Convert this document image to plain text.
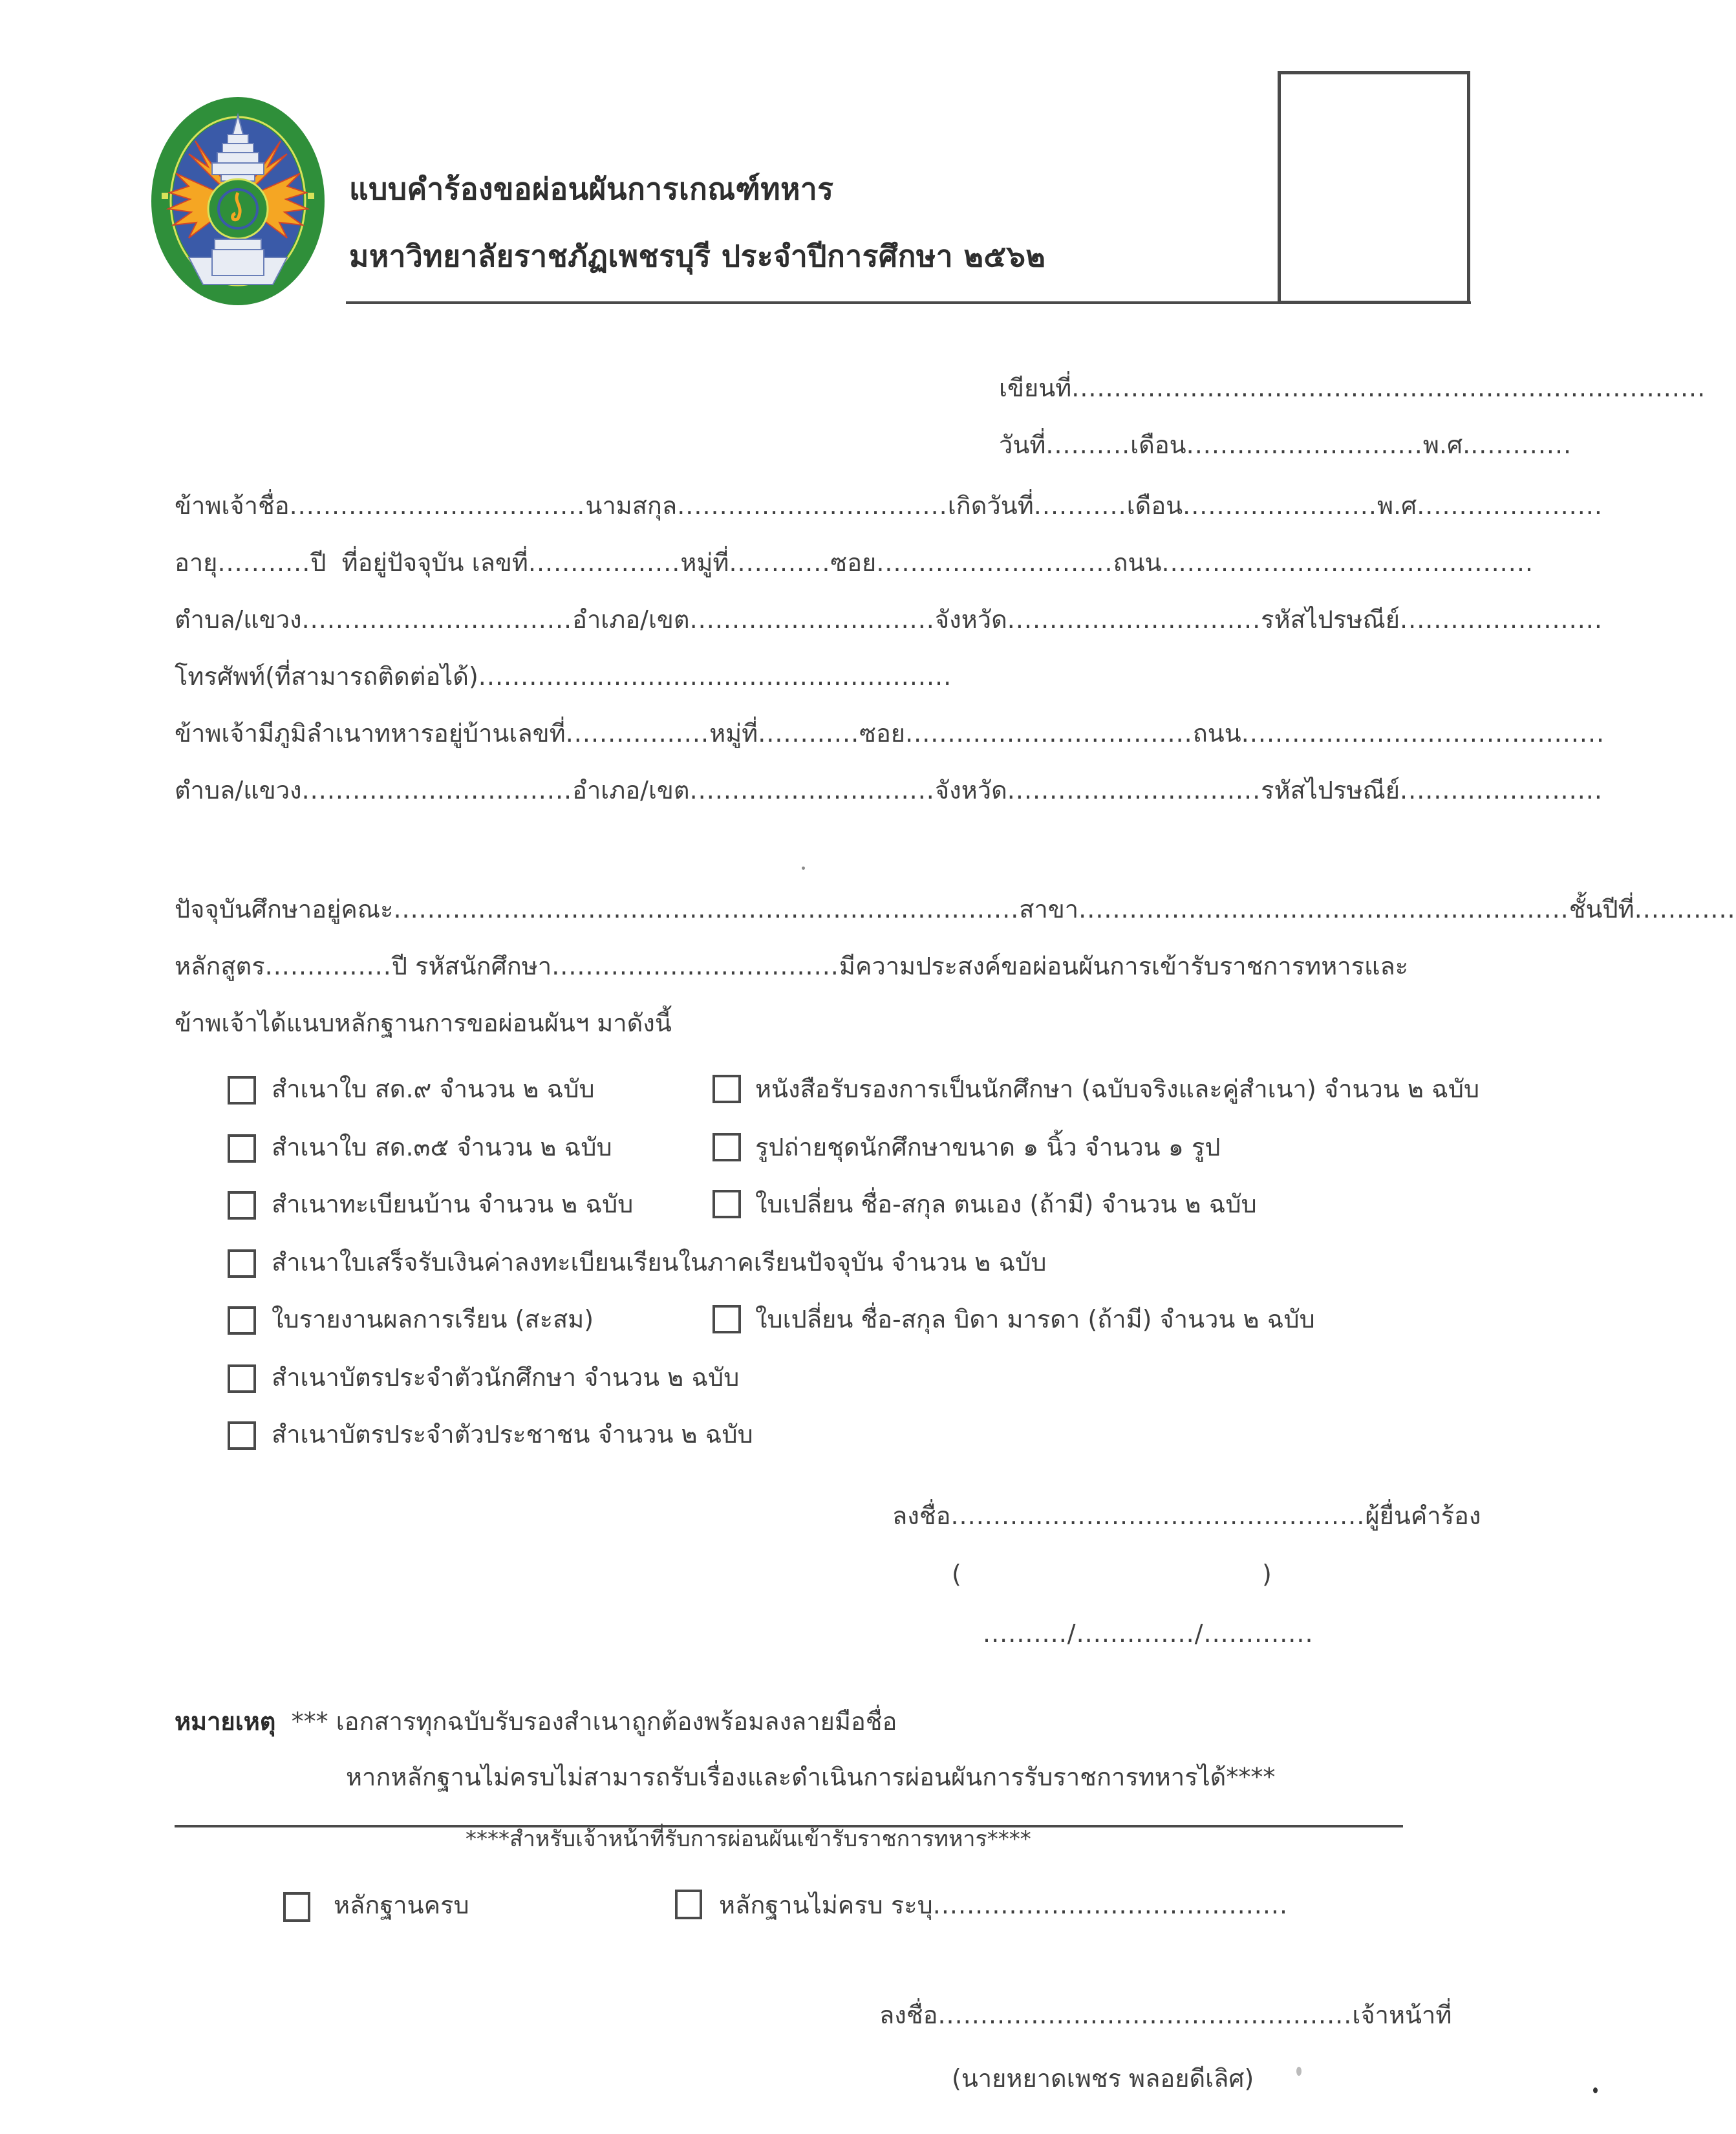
แบบคำร้องขอผ่อนผันการเกณฑ์ทหาร
มหาวิทยาลัยราชภัฏเพชรบุรี ประจำปีการศึกษา ๒๕๖๒
เขียนที่...........................................................................
วันที่..........เดือน............................พ.ศ.............
ข้าพเจ้าชื่อ...................................นามสกุล................................เกิดวันที่...........เดือน.......................พ.ศ......................
อายุ...........ปี ที่อยู่ปัจจุบัน เลขที่..................หมู่ที่............ซอย............................ถนน............................................
ตำบล/แขวง................................อำเภอ/เขต.............................จังหวัด..............................รหัสไปรษณีย์........................
โทรศัพท์(ที่สามารถติดต่อได้)........................................................
ข้าพเจ้ามีภูมิลำเนาทหารอยู่บ้านเลขที่.................หมู่ที่............ซอย..................................ถนน...........................................
ตำบล/แขวง................................อำเภอ/เขต.............................จังหวัด..............................รหัสไปรษณีย์........................
ปัจจุบันศึกษาอยู่คณะ..........................................................................สาขา..........................................................ชั้นปีที่............
หลักสูตร...............ปี รหัสนักศึกษา..................................มีความประสงค์ขอผ่อนผันการเข้ารับราชการทหารและ
ข้าพเจ้าได้แนบหลักฐานการขอผ่อนผันฯ มาดังนี้
สำเนาใบ สด.๙ จำนวน ๒ ฉบับ
สำเนาใบ สด.๓๕ จำนวน ๒ ฉบับ
สำเนาทะเบียนบ้าน จำนวน ๒ ฉบับ
สำเนาใบเสร็จรับเงินค่าลงทะเบียนเรียนในภาคเรียนปัจจุบัน จำนวน ๒ ฉบับ
ใบรายงานผลการเรียน (สะสม)
สำเนาบัตรประจำตัวนักศึกษา จำนวน ๒ ฉบับ
สำเนาบัตรประจำตัวประชาชน จำนวน ๒ ฉบับ
หนังสือรับรองการเป็นนักศึกษา (ฉบับจริงและคู่สำเนา) จำนวน ๒ ฉบับ
รูปถ่ายชุดนักศึกษาขนาด ๑ นิ้ว จำนวน ๑ รูป
ใบเปลี่ยน ชื่อ-สกุล ตนเอง (ถ้ามี) จำนวน ๒ ฉบับ
ใบเปลี่ยน ชื่อ-สกุล บิดา มารดา (ถ้ามี) จำนวน ๒ ฉบับ
ลงชื่อ.................................................ผู้ยื่นคำร้อง
(	)
........../............../.............
หมายเหตุ *** เอกสารทุกฉบับรับรองสำเนาถูกต้องพร้อมลงลายมือชื่อ
หากหลักฐานไม่ครบไม่สามารถรับเรื่องและดำเนินการผ่อนผันการรับราชการทหารได้****
****สำหรับเจ้าหน้าที่รับการผ่อนผันเข้ารับราชการทหาร****
หลักฐานครบ	หลักฐานไม่ครบ ระบุ..........................................
ลงชื่อ.................................................เจ้าหน้าที่
(นายหยาดเพชร พลอยดีเลิศ)
